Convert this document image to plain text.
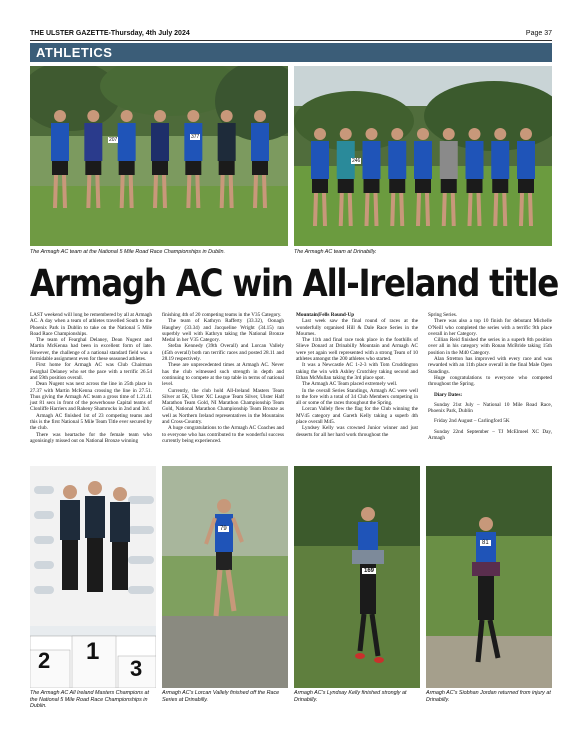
THE ULSTER GAZETTE-Thursday, 4th July 2024	Page 37
ATHLETICS
207	377
The Armagh AC team at the National 5 Mile Road Race Championships in Dublin.
246
The Armagh AC team at Drinabilly.
Armagh AC win All-Ireland title

LAST weekend will long be remembered by all at Armagh AC. A day when a team of athletes travelled South to the Phoenix Park in Dublin to take on the National 5 Mile Road Race Championships.

The team of Fearghal Delaney, Dean Nugent and Martin McKenna had been in excellent form of late. However, the challenge of a national standard field was a formidable assignment even for these seasoned athletes.

First home for Armagh AC was Club Chairman Fearghal Delaney who set the pace with a terrific 26.54 and 59th position overall.

Dean Nugent was next across the line in 25th place in 27.37 with Martin McKenna crossing the line in 27.51. Thus giving the Armagh AC team a gross time of 1.21.41 just 81 secs in front of the powerhouse Capital teams of Clonliffe Harriers and Raheny Shamrocks in 2nd and 3rd.

Armagh AC finished 1st of 23 competing teams and this is the first National 5 Mile Team Title ever secured by the club.

There was heartache for the female team who agonisingly missed out on National Bronze winning

finishing 4th of 20 competing teams in the V35 Category.

The team of Kathryn Rafferty (33.32), Oonagh Haughey (33.34) and Jacqueline Wright (34.15) ran superbly well with Kathryn taking the National Bronze Medal in her V35 Category.

Stefan Kennedy (39th Overall) and Lorcan Vallely (45th overall) both ran terrific races and posted 28.11 and 28.19 respectively.

These are unprecedented times at Armagh AC. Never has the club witnessed such strength in depth and continuing to compete at the top table in terms of national level.

Currently, the club hold All-Ireland Masters Team Silver at 5K, Ulster XC League Team Silver, Ulster Half Marathon Team Gold, NI Marathon Championship Team Gold, National Marathon Championship Team Bronze as well as Northern Ireland representatives in the Mountains and Cross-Country.

A huge congratulations to the Armagh AC Coaches and to everyone who has contributed to the wonderful success currently being experienced.

Mountain|Fells Round-Up

Last week saw the final round of races at the wonderfully organised Hill & Dale Race Series in the Mournes.

The 11th and final race took place in the foothills of Slieve Donard at Drinabilly Mountain and Armagh AC were yet again well represented with a strong Team of 10 athletes amongst the 200 athletes who started.

It was a Newcastle AC 1-2-3 with Tom Cruddington taking the win with Ashley Crutchley taking second and Ethan McMullan taking the 3rd place spot.

The Armagh AC Team placed extremely well.

In the overall Series Standings, Armagh AC were well to the fore with a total of 34 Club Members competing in all or some of the races throughout the Spring.

Lorcan Vallely flew the flag for the Club winning the MV45 category and Gareth Kelly taking a superb 4th place overall M45.

Lyndsey Kelly was crowned Junior winner and just desserts for all her hard work throughout the

Spring Series.

There was also a top 10 finish for debutant Michelle O'Neill who completed the series with a terrific 9th place overall in her Category.

Cillian Reid finished the series in a superb 8th position over all in his category with Ronan McBride taking 15th position in the M40 Category.

Alan Stretton has improved with every race and was rewarded with an 11th place overall in the final Male Open Standings.

Huge congratulations to everyone who competed throughout the Spring.

Diary Dates:

Sunday 21st July – National 10 Mile Road Race, Phoenix Park, Dublin

Friday 2nd August – Carlingford 5K

Sunday 22nd September – TJ McElmeel XC Day, Armagh

2 1
3
The Armagh AC All Ireland Masters Champions at the National 5 Mile Road Race Championships in Dublin.
79
Armagh AC's Lorcan Vallely finished off the Race Series at Drinabilly.
169
Armagh AC's Lyndsay Kelly finished strongly at Drinabilly.
81
Armagh AC's Siobhan Jordan returned from injury at Drinabilly.
